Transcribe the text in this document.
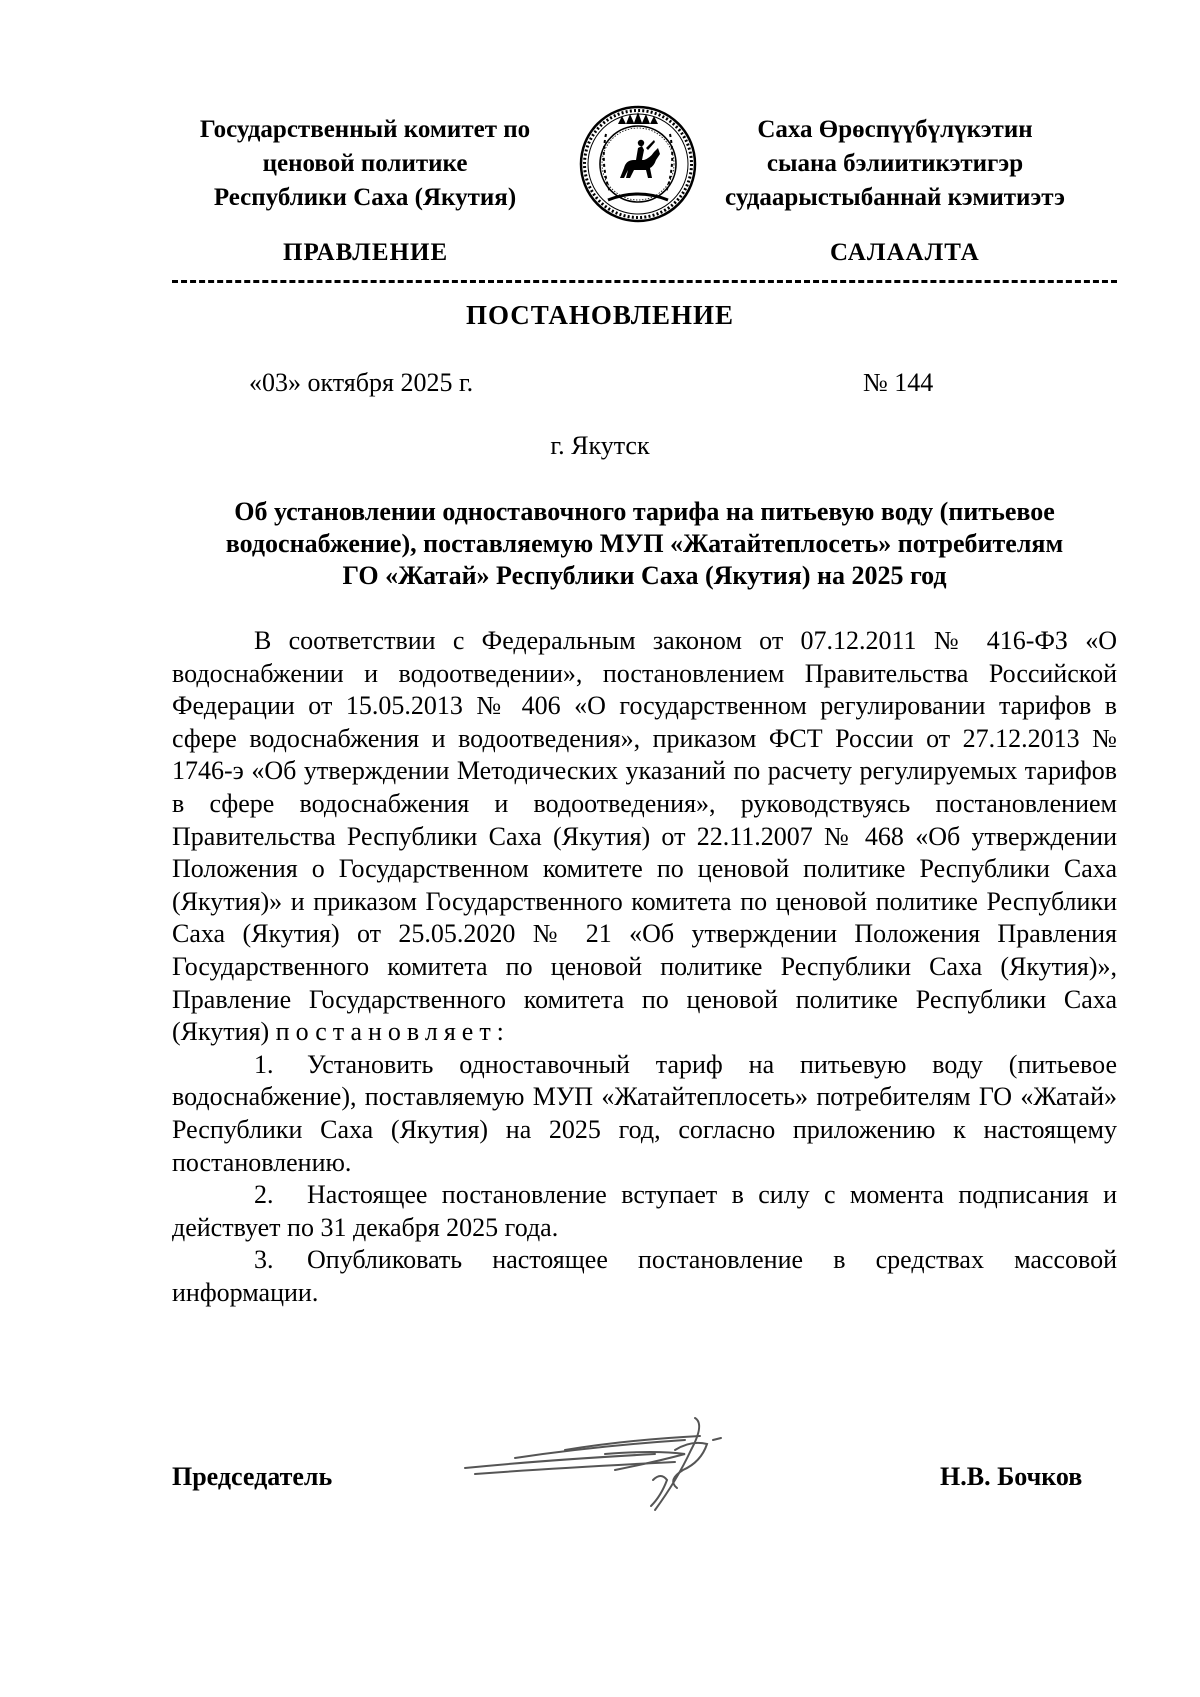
Государственный комитет по
ценовой политике
Республики Саха (Якутия)
Саха Өрөспүүбүлүкэтин
сыана бэлиитикэтигэр
судаарыстыбаннай кэмитиэтэ
ПРАВЛЕНИЕ	САЛААЛТА
ПОСТАНОВЛЕНИЕ
«03» октября 2025 г.	№ 144
г. Якутск
Об установлении одноставочного тарифа на питьевую воду (питьевое
водоснабжение), поставляемую МУП «Жатайтеплосеть» потребителям
ГО «Жатай» Республики Саха (Якутия) на 2025 год

В соответствии с Федеральным законом от 07.12.2011 № 416-ФЗ «О водоснабжении и водоотведении», постановлением Правительства Российской Федерации от 15.05.2013 № 406 «О государственном регулировании тарифов в сфере водоснабжения и водоотведения», приказом ФСТ России от 27.12.2013 № 1746-э «Об утверждении Методических указаний по расчету регулируемых тарифов в сфере водоснабжения и водоотведения», руководствуясь постановлением Правительства Республики Саха (Якутия) от 22.11.2007 № 468 «Об утверждении Положения о Государственном комитете по ценовой политике Республики Саха (Якутия)» и приказом Государственного комитета по ценовой политике Республики Саха (Якутия) от 25.05.2020 № 21 «Об утверждении Положения Правления Государственного комитета по ценовой политике Республики Саха (Якутия)», Правление Государственного комитета по ценовой политике Республики Саха (Якутия) постановляет:

1. Установить одноставочный тариф на питьевую воду (питьевое водоснабжение), поставляемую МУП «Жатайтеплосеть» потребителям ГО «Жатай» Республики Саха (Якутия) на 2025 год, согласно приложению к настоящему постановлению.

2. Настоящее постановление вступает в силу с момента подписания и действует по 31 декабря 2025 года.

3. Опубликовать настоящее постановление в средствах массовой информации.

Председатель	Н.В. Бочков
